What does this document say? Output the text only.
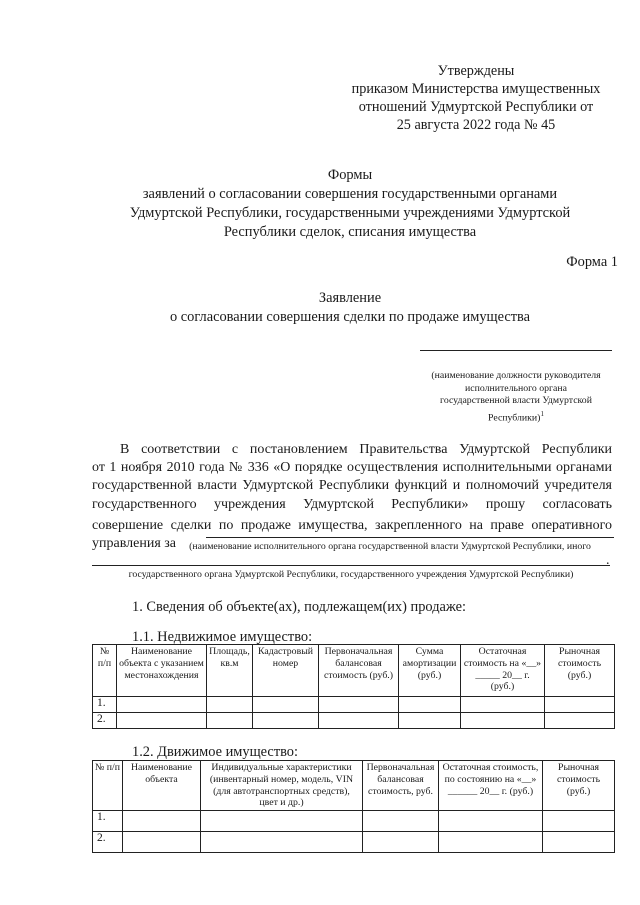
Утверждены
приказом Министерства имущественных
отношений Удмуртской Республики от
25 августа 2022 года № 45
Формы
заявлений о согласовании совершения государственными органами
Удмуртской Республики, государственными учреждениями Удмуртской
Республики сделок, списания имущества
Форма 1
Заявление
о согласовании совершения сделки по продаже имущества
(наименование должности руководителя
исполнительного органа
государственной власти Удмуртской
Республики)$^1$
В соответствии с постановлением Правительства Удмуртской Республики
от 1 ноября 2010 года № 336 «О порядке осуществления исполнительными органами
государственной власти Удмуртской Республики функций и полномочий учредителя
государственного учреждения Удмуртской Республики» прошу согласовать
совершение сделки по продаже имущества, закрепленного на праве оперативного
управления за	(наименование исполнительного органа государственной власти Удмуртской Республики, иного
.
государственного органа Удмуртской Республики, государственного учреждения Удмуртской Республики)
1. Сведения об объекте(ах), подлежащем(их) продаже:
1.1. Недвижимое имущество:
№ п/п	Наименование объекта с указанием местонахождения	Площадь, кв.м	Кадастровый номер	Первоначальная балансовая стоимость (руб.)	Сумма амортизации (руб.)	Остаточная стоимость на «__» _____ 20__ г. (руб.)	Рыночная стоимость (руб.)
1.							
2.							
1.2. Движимое имущество:
№ п/п	Наименование объекта	Индивидуальные характеристики (инвентарный номер, модель, VIN (для автотранспортных средств), цвет и др.)	Первоначальная балансовая стоимость, руб.	Остаточная стоимость, по состоянию на «__» ______ 20__ г. (руб.)	Рыночная стоимость (руб.)
1.					
2.					
